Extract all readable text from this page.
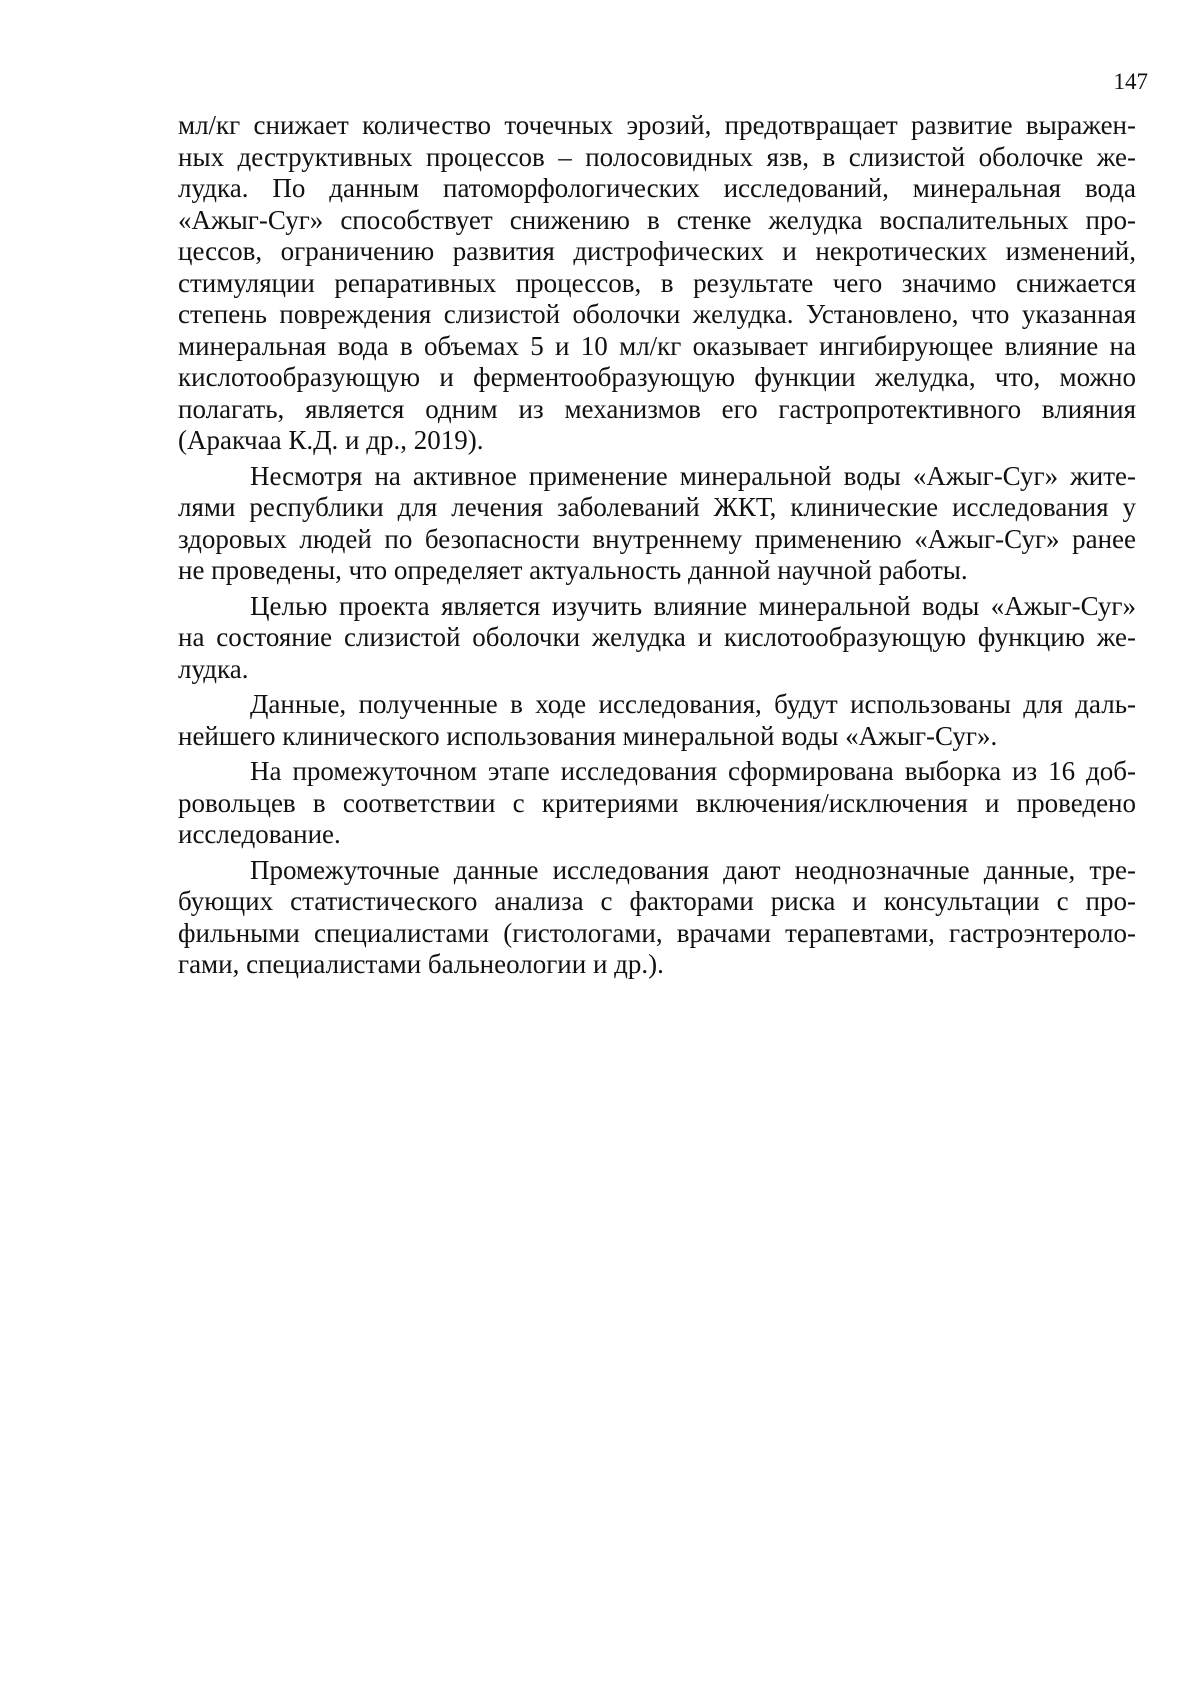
147
мл/кг снижает количество точечных эрозий, предотвращает развитие выражен-
ных деструктивных процессов – полосовидных язв, в слизистой оболочке же-
лудка. По данным патоморфологических исследований, минеральная вода
«Ажыг-Суг» способствует снижению в стенке желудка воспалительных про-
цессов, ограничению развития дистрофических и некротических изменений,
стимуляции репаративных процессов, в результате чего значимо снижается
степень повреждения слизистой оболочки желудка. Установлено, что указанная
минеральная вода в объемах 5 и 10 мл/кг оказывает ингибирующее влияние на
кислотообразующую и ферментообразующую функции желудка, что, можно
полагать, является одним из механизмов его гастропротективного влияния
(Аракчаа К.Д. и др., 2019).
Несмотря на активное применение минеральной воды «Ажыг-Суг» жите-
лями республики для лечения заболеваний ЖКТ, клинические исследования у
здоровых людей по безопасности внутреннему применению «Ажыг-Суг» ранее
не проведены, что определяет актуальность данной научной работы.
Целью проекта является изучить влияние минеральной воды «Ажыг-Суг»
на состояние слизистой оболочки желудка и кислотообразующую функцию же-
лудка.
Данные, полученные в ходе исследования, будут использованы для даль-
нейшего клинического использования минеральной воды «Ажыг-Суг».
На промежуточном этапе исследования сформирована выборка из 16 доб-
ровольцев в соответствии с критериями включения/исключения и проведено
исследование.
Промежуточные данные исследования дают неоднозначные данные, тре-
бующих статистического анализа с факторами риска и консультации с про-
фильными специалистами (гистологами, врачами терапевтами, гастроэнтероло-
гами, специалистами бальнеологии и др.).
